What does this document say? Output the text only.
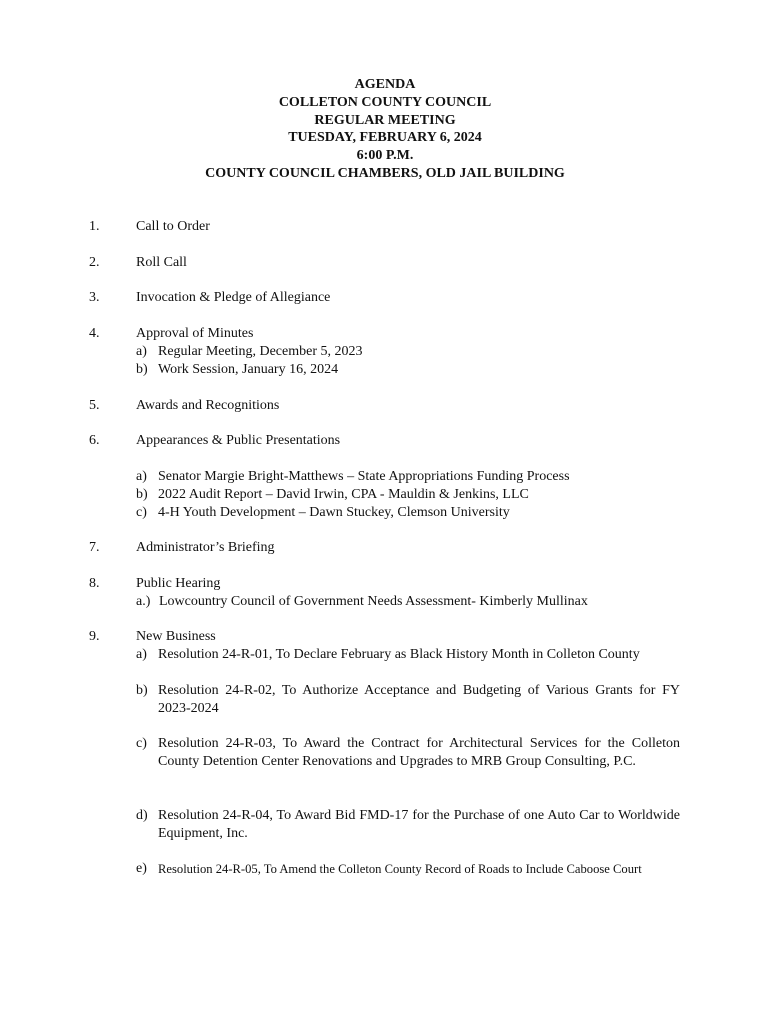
AGENDA
COLLETON COUNTY COUNCIL
REGULAR MEETING
TUESDAY, FEBRUARY 6, 2024
6:00 P.M.
COUNTY COUNCIL CHAMBERS, OLD JAIL BUILDING
1.	Call to Order
2.	Roll Call
3.	Invocation & Pledge of Allegiance
4.	Approval of Minutes
a) Regular Meeting, December 5, 2023
b) Work Session, January 16, 2024
5.	Awards and Recognitions
6.	Appearances & Public Presentations
a) Senator Margie Bright-Matthews – State Appropriations Funding Process
b) 2022 Audit Report – David Irwin, CPA - Mauldin & Jenkins, LLC
c) 4-H Youth Development – Dawn Stuckey, Clemson University
7.	Administrator’s Briefing
8.	Public Hearing
a.) Lowcountry Council of Government Needs Assessment- Kimberly Mullinax
9.	New Business
a) Resolution 24-R-01, To Declare February as Black History Month in Colleton County
b) Resolution 24-R-02, To Authorize Acceptance and Budgeting of Various Grants for FY 2023-2024
c) Resolution 24-R-03, To Award the Contract for Architectural Services for the Colleton County Detention Center Renovations and Upgrades to MRB Group Consulting, P.C.
d) Resolution 24-R-04, To Award Bid FMD-17 for the Purchase of one Auto Car to Worldwide Equipment, Inc.
e) Resolution 24-R-05, To Amend the Colleton County Record of Roads to Include Caboose Court
